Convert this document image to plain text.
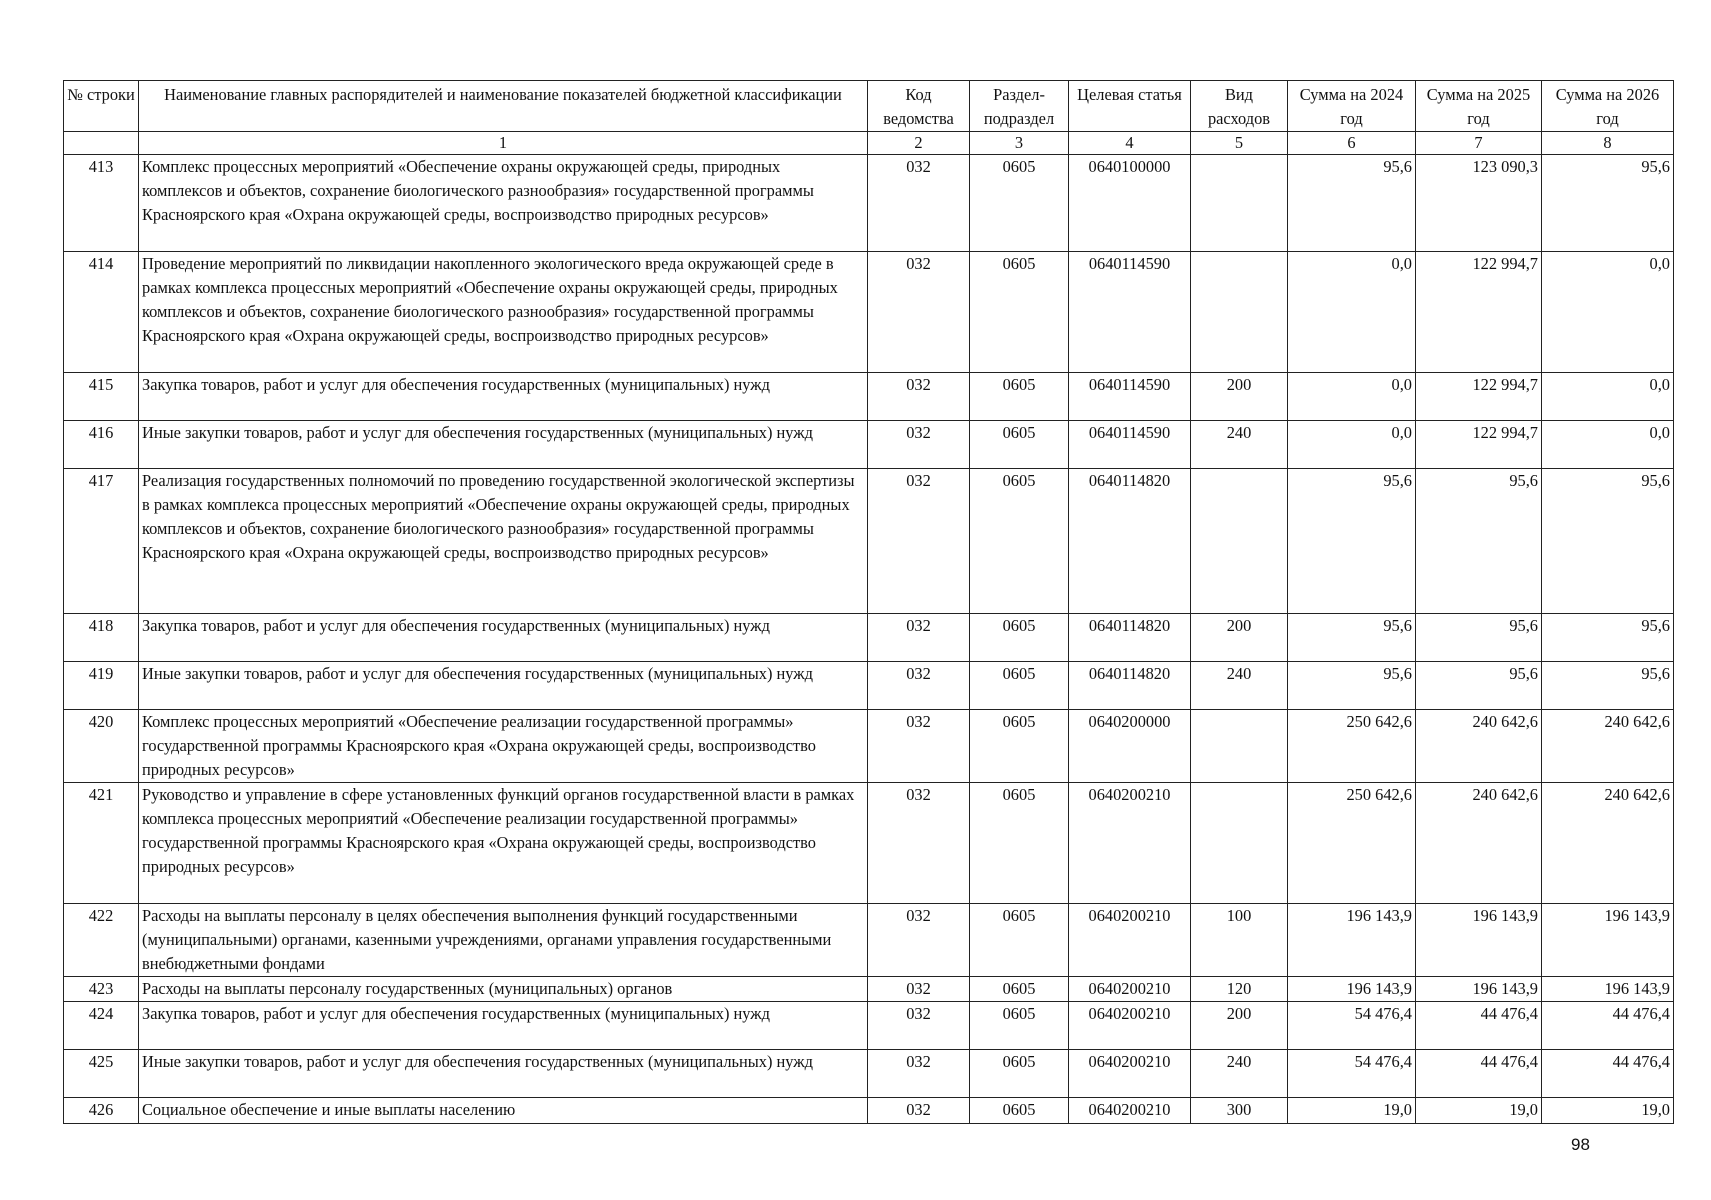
№ строки	Наименование главных распорядителей и наименование показателей бюджетной классификации	Код ведомства	Раздел-подраздел	Целевая статья	Вид расходов	Сумма на 2024 год	Сумма на 2025 год	Сумма на 2026 год
	1	2	3	4	5	6	7	8
413	Комплекс процессных мероприятий «Обеспечение охраны окружающей среды, природных комплексов и объектов, сохранение биологического разнообразия» государственной программы Красноярского края «Охрана окружающей среды, воспроизводство природных ресурсов»	032	0605	0640100000		95,6	123 090,3	95,6
414	Проведение мероприятий по ликвидации накопленного экологического вреда окружающей среде в рамках комплекса процессных мероприятий «Обеспечение охраны окружающей среды, природных комплексов и объектов, сохранение биологического разнообразия» государственной программы Красноярского края «Охрана окружающей среды, воспроизводство природных ресурсов»	032	0605	0640114590		0,0	122 994,7	0,0
415	Закупка товаров, работ и услуг для обеспечения государственных (муниципальных) нужд	032	0605	0640114590	200	0,0	122 994,7	0,0
416	Иные закупки товаров, работ и услуг для обеспечения государственных (муниципальных) нужд	032	0605	0640114590	240	0,0	122 994,7	0,0
417	Реализация государственных полномочий по проведению государственной экологической экспертизы в рамках комплекса процессных мероприятий «Обеспечение охраны окружающей среды, природных комплексов и объектов, сохранение биологического разнообразия» государственной программы Красноярского края «Охрана окружающей среды, воспроизводство природных ресурсов»	032	0605	0640114820		95,6	95,6	95,6
418	Закупка товаров, работ и услуг для обеспечения государственных (муниципальных) нужд	032	0605	0640114820	200	95,6	95,6	95,6
419	Иные закупки товаров, работ и услуг для обеспечения государственных (муниципальных) нужд	032	0605	0640114820	240	95,6	95,6	95,6
420	Комплекс процессных мероприятий «Обеспечение реализации государственной программы» государственной программы Красноярского края «Охрана окружающей среды, воспроизводство природных ресурсов»	032	0605	0640200000		250 642,6	240 642,6	240 642,6
421	Руководство и управление в сфере установленных функций органов государственной власти в рамках комплекса процессных мероприятий «Обеспечение реализации государственной программы» государственной программы Красноярского края «Охрана окружающей среды, воспроизводство природных ресурсов»	032	0605	0640200210		250 642,6	240 642,6	240 642,6
422	Расходы на выплаты персоналу в целях обеспечения выполнения функций государственными (муниципальными) органами, казенными учреждениями, органами управления государственными внебюджетными фондами	032	0605	0640200210	100	196 143,9	196 143,9	196 143,9
423	Расходы на выплаты персоналу государственных (муниципальных) органов	032	0605	0640200210	120	196 143,9	196 143,9	196 143,9
424	Закупка товаров, работ и услуг для обеспечения государственных (муниципальных) нужд	032	0605	0640200210	200	54 476,4	44 476,4	44 476,4
425	Иные закупки товаров, работ и услуг для обеспечения государственных (муниципальных) нужд	032	0605	0640200210	240	54 476,4	44 476,4	44 476,4
426	Социальное обеспечение и иные выплаты населению	032	0605	0640200210	300	19,0	19,0	19,0
98
